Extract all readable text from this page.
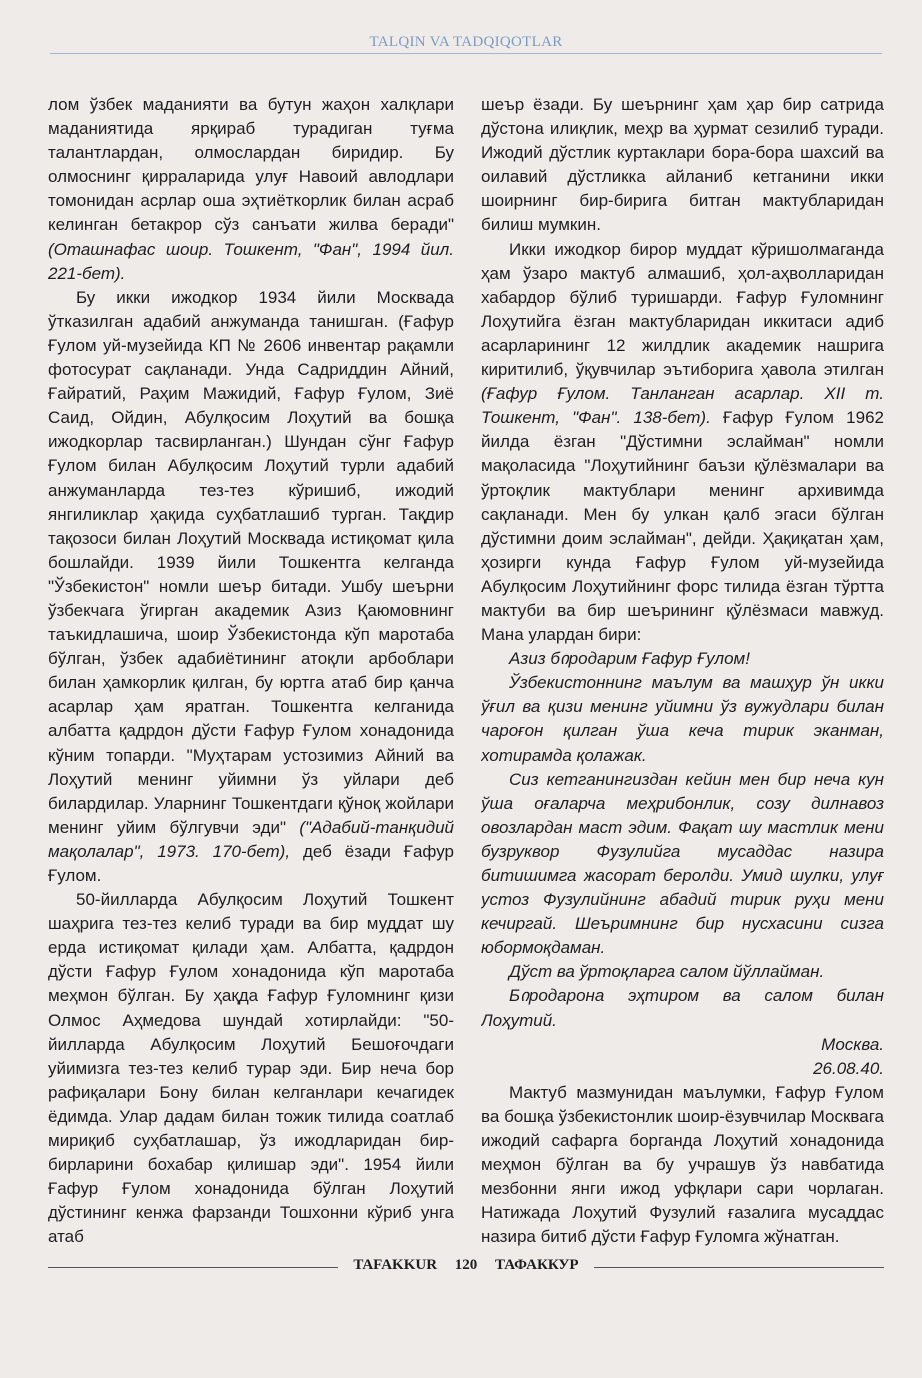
TALQIN VA TADQIQOTLAR

лом ўзбек маданияти ва бутун жаҳон халқлари маданиятида ярқираб турадиган туғма талантлардан, олмослардан биридир. Бу олмоснинг қирраларида улуғ Навоий авлодлари томонидан асрлар оша эҳтиёткорлик билан асраб келинган бетакрор сўз санъати жилва беради" (Оташнафас шоир. Тошкент, "Фан", 1994 йил. 221-бет).

Бу икки ижодкор 1934 йили Москвада ўтказилган адабий анжуманда танишган. (Ғафур Ғулом уй-музейида КП № 2606 инвентар рақамли фотосурат сақланади. Унда Садриддин Айний, Ғайратий, Раҳим Мажидий, Ғафур Ғулом, Зиё Саид, Ойдин, Абулқосим Лоҳутий ва бошқа ижодкорлар тасвирланган.) Шундан сўнг Ғафур Ғулом билан Абулқосим Лоҳутий турли адабий анжуманларда тез-тез кўришиб, ижодий янгиликлар ҳақида суҳбатлашиб турган. Тақдир тақозоси билан Лоҳутий Москвада истиқомат қила бошлайди. 1939 йили Тошкентга келганда "Ўзбекистон" номли шеър битади. Ушбу шеърни ўзбекчага ўгирган академик Азиз Қаюмовнинг таъкидлашича, шоир Ўзбекистонда кўп маротаба бўлган, ўзбек адабиётининг атоқли арбоблари билан ҳамкорлик қилган, бу юртга атаб бир қанча асарлар ҳам яратган. Тошкентга келганида албатта қадрдон дўсти Ғафур Ғулом хонадонида кўним топарди. "Муҳтарам устозимиз Айний ва Лоҳутий менинг уйимни ўз уйлари деб билардилар. Уларнинг Тошкентдаги қўноқ жойлари менинг уйим бўлгувчи эди" ("Адабий-танқидий мақолалар", 1973. 170-бет), деб ёзади Ғафур Ғулом.

50-йилларда Абулқосим Лоҳутий Тошкент шаҳрига тез-тез келиб туради ва бир муддат шу ерда истиқомат қилади ҳам. Албатта, қадрдон дўсти Ғафур Ғулом хонадонида кўп маротаба меҳмон бўлган. Бу ҳақда Ғафур Ғуломнинг қизи Олмос Аҳмедова шундай хотирлайди: "50-йилларда Абулқосим Лоҳутий Бешоғочдаги уйимизга тез-тез келиб турар эди. Бир неча бор рафиқалари Бону билан келганлари кечагидек ёдимда. Улар дадам билан тожик тилида соатлаб мириқиб суҳбатлашар, ўз ижодларидан бир-бирларини бохабар қилишар эди". 1954 йили Ғафур Ғулом хонадонида бўлган Лоҳутий дўстининг кенжа фарзанди Тошхонни кўриб унга атаб

шеър ёзади. Бу шеърнинг ҳам ҳар бир сатрида дўстона илиқлик, меҳр ва ҳурмат сезилиб туради. Ижодий дўстлик куртаклари бора-бора шахсий ва оилавий дўстликка айланиб кетганини икки шоирнинг бир-бирига битган мактубларидан билиш мумкин.

Икки ижодкор бирор муддат кўришолмаганда ҳам ўзаро мактуб алмашиб, ҳол-аҳволларидан хабардор бўлиб туришарди. Ғафур Ғуломнинг Лоҳутийга ёзган мактубларидан иккитаси адиб асарларининг 12 жилдлик академик нашрига киритилиб, ўқувчилар эътиборига ҳавола этилган (Ғафур Ғулом. Танланган асарлар. XII т. Тошкент, "Фан". 138-бет). Ғафур Ғулом 1962 йилда ёзган "Дўстимни эслайман" номли мақоласида "Лоҳутийнинг баъзи қўлёзмалари ва ўртоқлик мактублари менинг архивимда сақланади. Мен бу улкан қалб эгаси бўлган дўстимни доим эслайман", дейди. Ҳақиқатан ҳам, ҳозирги кунда Ғафур Ғулом уй-музейида Абулқосим Лоҳутийнинг форс тилида ёзган тўртта мактуби ва бир шеърининг қўлёзмаси мавжуд. Мана улардан бири:

Азиз бიродарим Ғафур Ғулом!

Ўзбекистоннинг маълум ва машҳур ўн икки ўғил ва қизи менинг уйимни ўз вужудлари билан чароғон қилган ўша кеча тирик эканман, хотирамда қолажак.

Сиз кетганингиздан кейин мен бир неча кун ўша оғаларча меҳрибонлик, созу дилнавоз овозлардан маст эдим. Фақат шу мастлик мени бузруквор Фузулийга мусаддас назира битишимга жасорат беролди. Умид шулки, улуғ устоз Фузулийнинг абадий тирик руҳи мени кечиргай. Шеъримнинг бир нусхасини сизга юбормоқдаман.

Дўст ва ўртоқларга салом йўллайман.

Бიродарона эҳтиром ва салом билан Лоҳутий.

Москва.

26.08.40.

Мактуб мазмунидан маълумки, Ғафур Ғулом ва бошқа ўзбекистонлик шоир-ёзувчилар Москвага ижодий сафарга борганда Лоҳутий хонадонида меҳмон бўлган ва бу учрашув ўз навбатида мезбонни янги ижод уфқлари сари чорлаган. Натижада Лоҳутий Фузулий ғазалига мусаддас назира битиб дўсти Ғафур Ғуломга жўнатган.

TAFAKKUR 120 ТАФАККУР
